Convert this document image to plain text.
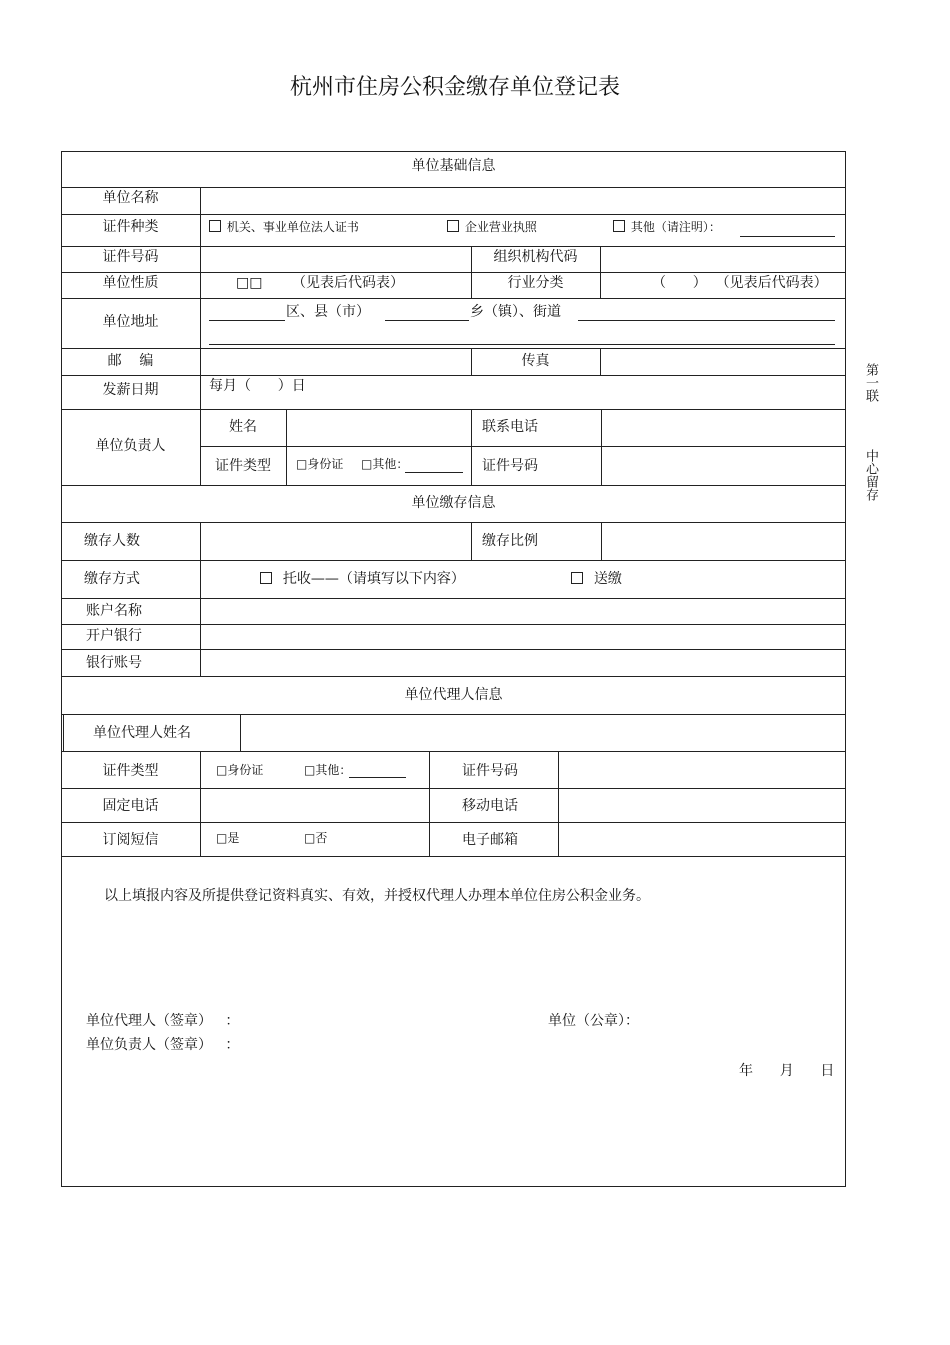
杭州市住房公积金缴存单位登记表
单位基础信息
单位名称
证件种类	机关、事业单位法人证书	企业营业执照	其他（请注明）：
证件号码	组织机构代码
单位性质	□□ （见表后代码表）	行业分类	（      ）  （见表后代码表）
单位地址
区、县（市）	乡（镇）、街道
邮    编	传真
发薪日期	每月（      ）日
单位负责人
姓名	联系电话
证件类型	□身份证 □其他：	证件号码
单位缴存信息
缴存人数	缴存比例
缴存方式	托收——（请填写以下内容）	送缴
账户名称
开户银行
银行账号
单位代理人信息
单位代理人姓名
证件类型	□身份证	□其他：	证件号码
固定电话	移动电话
订阅短信	□是	□否	电子邮箱
以上填报内容及所提供登记资料真实、有效，并授权代理人办理本单位住房公积金业务。
单位代理人（签章）   ：
单位负责人（签章）   ：
单位（公章）：
年      月      日
第一联
中心留存
